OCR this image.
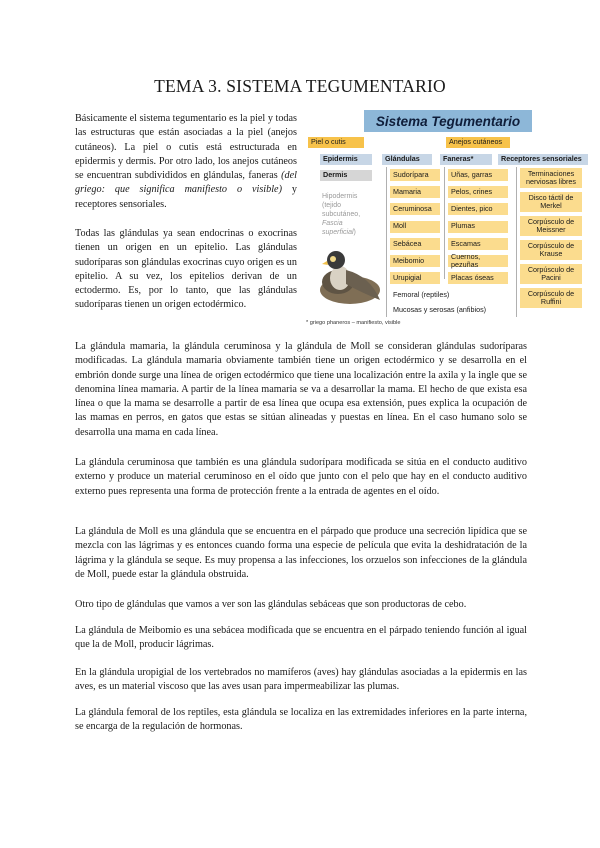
TEMA 3. SISTEMA TEGUMENTARIO

Básicamente el sistema tegumentario es la piel y todas las estructuras que están asociadas a la piel (anejos cutáneos). La piel o cutis está estructurada en epidermis y dermis. Por otro lado, los anejos cutáneos se encuentran subdivididos en glándulas, faneras (del griego: que significa manifiesto o visible) y receptores sensoriales.

Todas las glándulas ya sean endocrinas o exocrinas tienen un origen en un epitelio. Las glándulas sudoríparas son glándulas exocrinas cuyo origen es un epitelio. A su vez, los epitelios derivan de un ectodermo. Es, por lo tanto, que las glándulas sudoríparas tienen un origen ectodérmico.

Sistema Tegumentario
Piel o cutis	Anejos cutáneos
Epidermis
Dermis
Hipodermis (tejido subcutáneo, Fascia superficial)
Glándulas	Faneras*	Receptores sensoriales
Sudorípara
Mamaria
Ceruminosa
Moll
Sebácea
Meibomio
Urupigial
Uñas, garras
Pelos, crines
Dientes, pico
Plumas
Escamas
Cuernos, pezuñas
Placas óseas
Terminaciones nerviosas libres
Disco táctil de Merkel
Corpúsculo de Meissner
Corpúsculo de Krause
Corpúsculo de Pacini
Corpúsculo de Ruffini
Femoral (reptiles)
Mucosas y serosas (anfibios)
* griego phaneros – manifiesto, visible

La glándula mamaria, la glándula ceruminosa y la glándula de Moll se consideran glándulas sudoríparas modificadas. La glándula mamaria obviamente también tiene un origen ectodérmico y se desarrolla en el embrión donde surge una línea de origen ectodérmico que tiene una localización entre la axila y la ingle que se denomina línea mamaria. A partir de la línea mamaria se va a desarrollar la mama. El hecho de que exista esa línea o que la mama se desarrolle a partir de esa línea que ocupa esa extensión, pues explica la ocupación de las mamas en perros, en gatos que estas se sitúan alineadas y puestas en línea. En el caso humano solo se desarrolla una mama en cada línea.

La glándula ceruminosa que también es una glándula sudorípara modificada se sitúa en el conducto auditivo externo y produce un material ceruminoso en el oído que junto con el pelo que hay en el conducto auditivo externo pues representa una forma de protección frente a la entrada de agentes en el oído.

La glándula de Moll es una glándula que se encuentra en el párpado que produce una secreción lipídica que se mezcla con las lágrimas y es entonces cuando forma una especie de película que evita la deshidratación de la lágrima y la glándula se seque. Es muy propensa a las infecciones, los orzuelos son infecciones de la glándula de Moll, puede estar la glándula obstruida.

Otro tipo de glándulas que vamos a ver son las glándulas sebáceas que son productoras de cebo.

La glándula de Meibomio es una sebácea modificada que se encuentra en el párpado teniendo función al igual que la de Moll, producir lágrimas.

En la glándula uropigial de los vertebrados no mamíferos (aves) hay glándulas asociadas a la epidermis en las aves, es un material viscoso que las aves usan para impermeabilizar las plumas.

La glándula femoral de los reptiles, esta glándula se localiza en las extremidades inferiores en la parte interna, se encarga de la regulación de hormonas.
